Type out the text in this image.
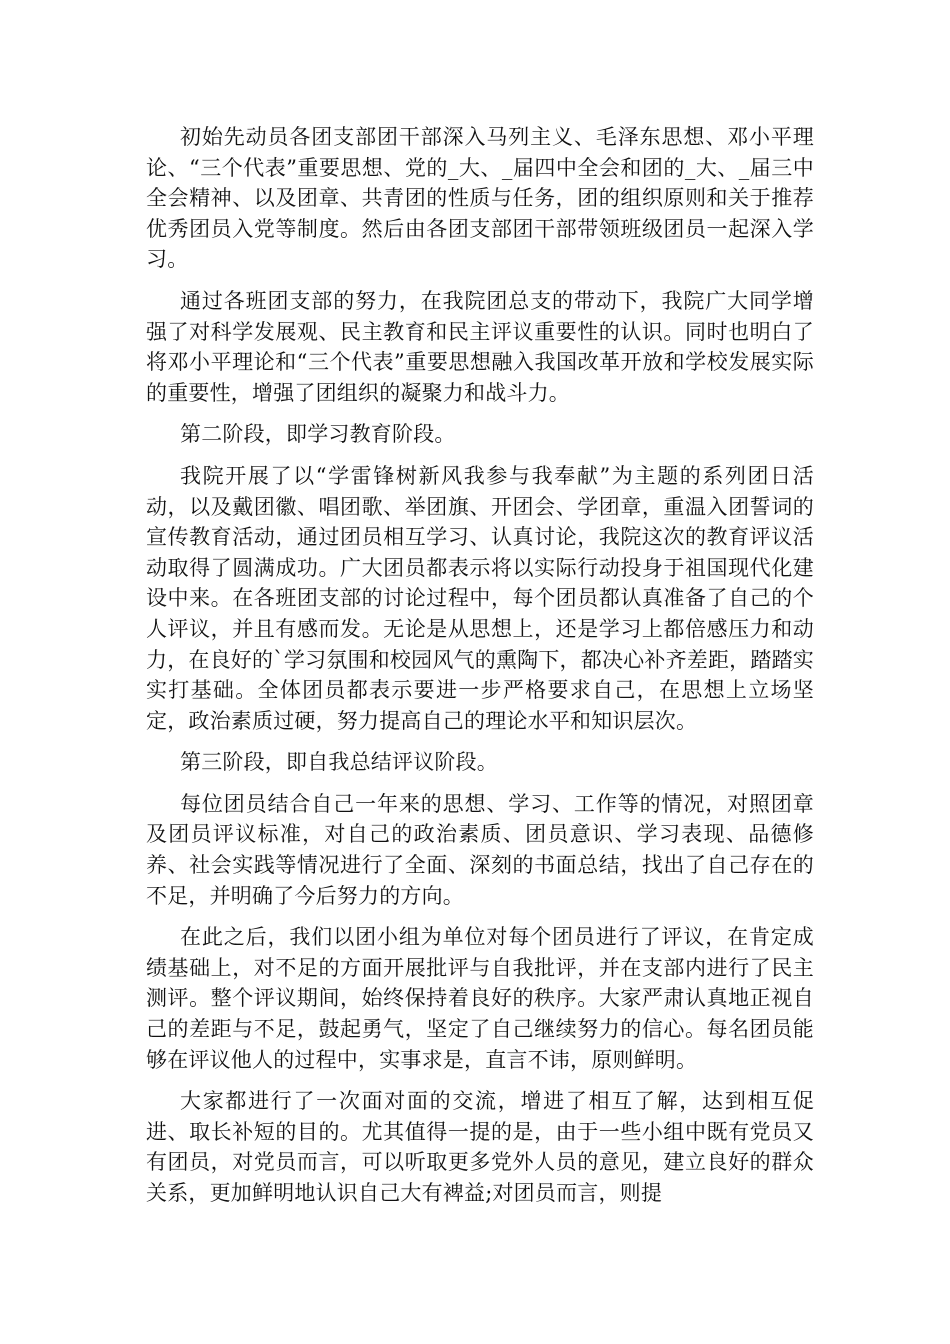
初始先动员各团支部团干部深入马列主义、毛泽东思想、邓小平理论、“三个代表”重要思想、党的_大、_届四中全会和团的_大、_届三中全会精神、以及团章、共青团的性质与任务，团的组织原则和关于推荐优秀团员入党等制度。然后由各团支部团干部带领班级团员一起深入学习。

通过各班团支部的努力，在我院团总支的带动下，我院广大同学增强了对科学发展观、民主教育和民主评议重要性的认识。同时也明白了将邓小平理论和“三个代表”重要思想融入我国改革开放和学校发展实际的重要性，增强了团组织的凝聚力和战斗力。

第二阶段，即学习教育阶段。

我院开展了以“学雷锋树新风我参与我奉献”为主题的系列团日活动，以及戴团徽、唱团歌、举团旗、开团会、学团章，重温入团誓词的宣传教育活动，通过团员相互学习、认真讨论，我院这次的教育评议活动取得了圆满成功。广大团员都表示将以实际行动投身于祖国现代化建设中来。在各班团支部的讨论过程中，每个团员都认真准备了自己的个人评议，并且有感而发。无论是从思想上，还是学习上都倍感压力和动力，在良好的`学习氛围和校园风气的熏陶下，都决心补齐差距，踏踏实实打基础。全体团员都表示要进一步严格要求自己，在思想上立场坚定，政治素质过硬，努力提高自己的理论水平和知识层次。

第三阶段，即自我总结评议阶段。

每位团员结合自己一年来的思想、学习、工作等的情况，对照团章及团员评议标准，对自己的政治素质、团员意识、学习表现、品德修养、社会实践等情况进行了全面、深刻的书面总结，找出了自己存在的不足，并明确了今后努力的方向。

在此之后，我们以团小组为单位对每个团员进行了评议，在肯定成绩基础上，对不足的方面开展批评与自我批评，并在支部内进行了民主测评。整个评议期间，始终保持着良好的秩序。大家严肃认真地正视自己的差距与不足，鼓起勇气，坚定了自己继续努力的信心。每名团员能够在评议他人的过程中，实事求是，直言不讳，原则鲜明。

大家都进行了一次面对面的交流，增进了相互了解，达到相互促进、取长补短的目的。尤其值得一提的是，由于一些小组中既有党员又有团员，对党员而言，可以听取更多党外人员的意见，建立良好的群众关系，更加鲜明地认识自己大有裨益;对团员而言，则提
